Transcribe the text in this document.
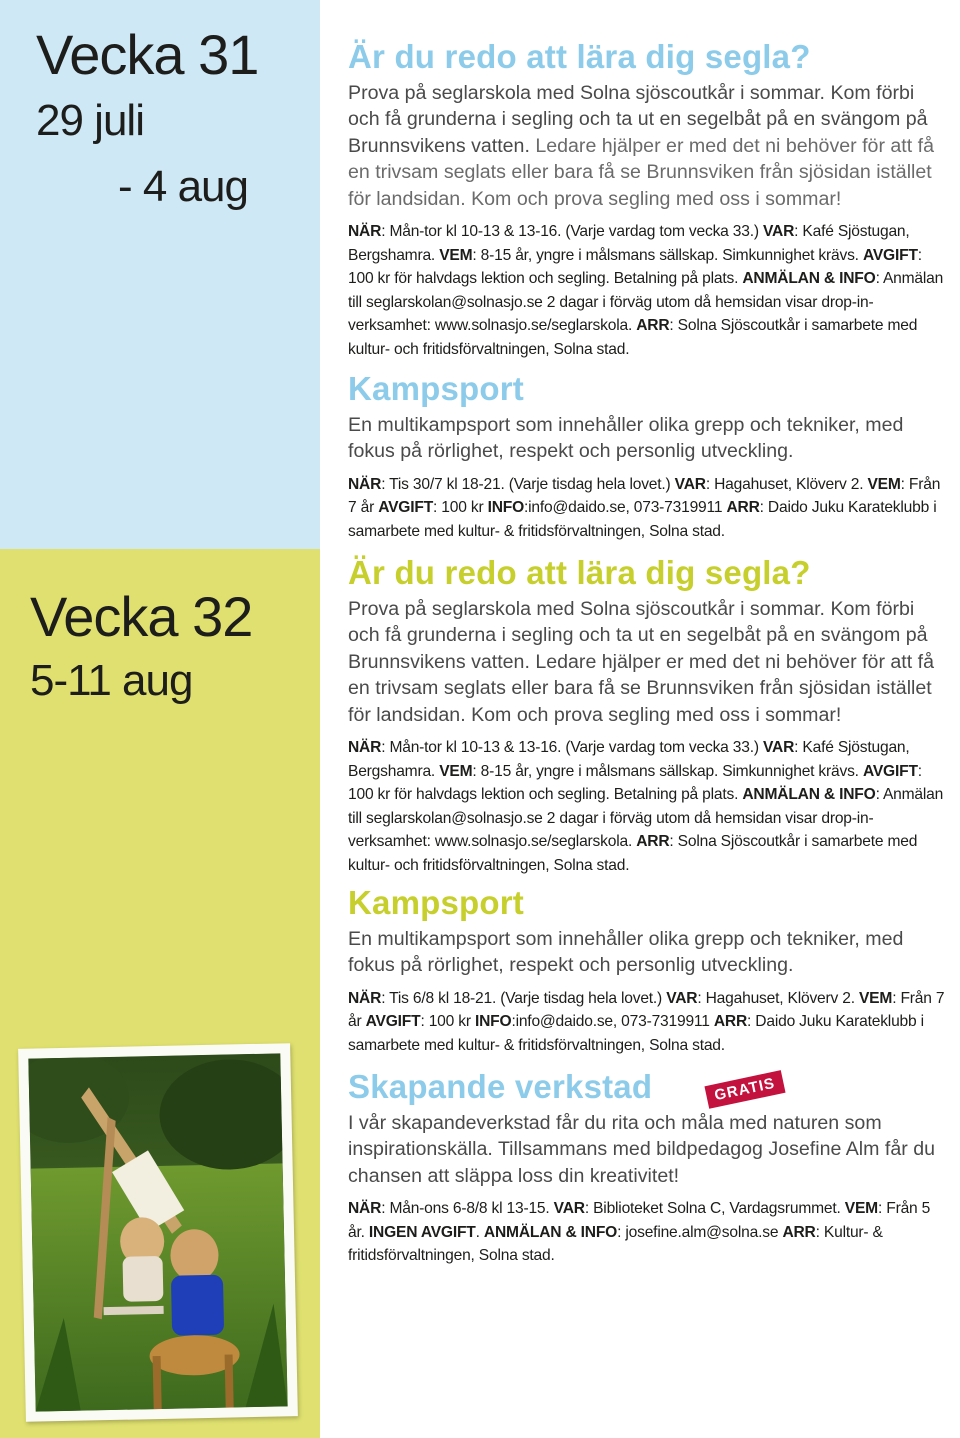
Vecka 31
29 juli
- 4 aug
Vecka 32
5-11 aug
Är du redo att lära dig segla?

Prova på seglarskola med Solna sjöscoutkår i sommar. Kom förbi och få grunderna i segling och ta ut en segelbåt på en svängom på Brunnsvikens vatten. Ledare hjälper er med det ni behöver för att få en trivsam seglats eller bara få se Brunnsviken från sjösidan istället för landsidan. Kom och prova segling med oss i sommar!

NÄR: Mån-tor kl 10-13 & 13-16. (Varje vardag tom vecka 33.) VAR: Kafé Sjöstugan, Bergshamra. VEM: 8-15 år, yngre i målsmans sällskap. Simkunnighet krävs. AVGIFT: 100 kr för halvdags lektion och segling. Betalning på plats. ANMÄLAN & INFO: Anmälan till seglarskolan@solnasjo.se 2 dagar i förväg utom då hemsidan visar drop-in-verksamhet: www.solnasjo.se/seglarskola. ARR: Solna Sjöscoutkår i samarbete med kultur- och fritidsförvaltningen, Solna stad.

Kampsport

En multikampsport som innehåller olika grepp och tekniker, med fokus på rörlighet, respekt och personlig utveckling.

NÄR: Tis 30/7 kl 18-21. (Varje tisdag hela lovet.) VAR: Hagahuset, Klöverv 2. VEM: Från 7 år AVGIFT: 100 kr INFO:info@daido.se, 073-7319911 ARR: Daido Juku Karateklubb i samarbete med kultur- & fritidsförvaltningen, Solna stad.

Är du redo att lära dig segla?

Prova på seglarskola med Solna sjöscoutkår i sommar. Kom förbi och få grunderna i segling och ta ut en segelbåt på en svängom på Brunnsvikens vatten. Ledare hjälper er med det ni behöver för att få en trivsam seglats eller bara få se Brunnsviken från sjösidan istället för landsidan. Kom och prova segling med oss i sommar!

NÄR: Mån-tor kl 10-13 & 13-16. (Varje vardag tom vecka 33.) VAR: Kafé Sjöstugan, Bergshamra. VEM: 8-15 år, yngre i målsmans sällskap. Simkunnighet krävs. AVGIFT: 100 kr för halvdags lektion och segling. Betalning på plats. ANMÄLAN & INFO: Anmälan till seglarskolan@solnasjo.se 2 dagar i förväg utom då hemsidan visar drop-in-verksamhet: www.solnasjo.se/seglarskola. ARR: Solna Sjöscoutkår i samarbete med kultur- och fritidsförvaltningen, Solna stad.

Kampsport

En multikampsport som innehåller olika grepp och tekniker, med fokus på rörlighet, respekt och personlig utveckling.

NÄR: Tis 6/8 kl 18-21. (Varje tisdag hela lovet.) VAR: Hagahuset, Klöverv 2. VEM: Från 7 år AVGIFT: 100 kr INFO:info@daido.se, 073-7319911 ARR: Daido Juku Karateklubb i samarbete med kultur- & fritidsförvaltningen, Solna stad.

Skapande verkstad	GRATIS

I vår skapandeverkstad får du rita och måla med naturen som inspirationskälla. Tillsammans med bildpedagog Josefine Alm får du chansen att släppa loss din kreativitet!

NÄR: Mån-ons 6-8/8 kl 13-15. VAR: Biblioteket Solna C, Vardagsrummet. VEM: Från 5 år. INGEN AVGIFT. ANMÄLAN & INFO: josefine.alm@solna.se ARR: Kultur- & fritidsförvaltningen, Solna stad.
